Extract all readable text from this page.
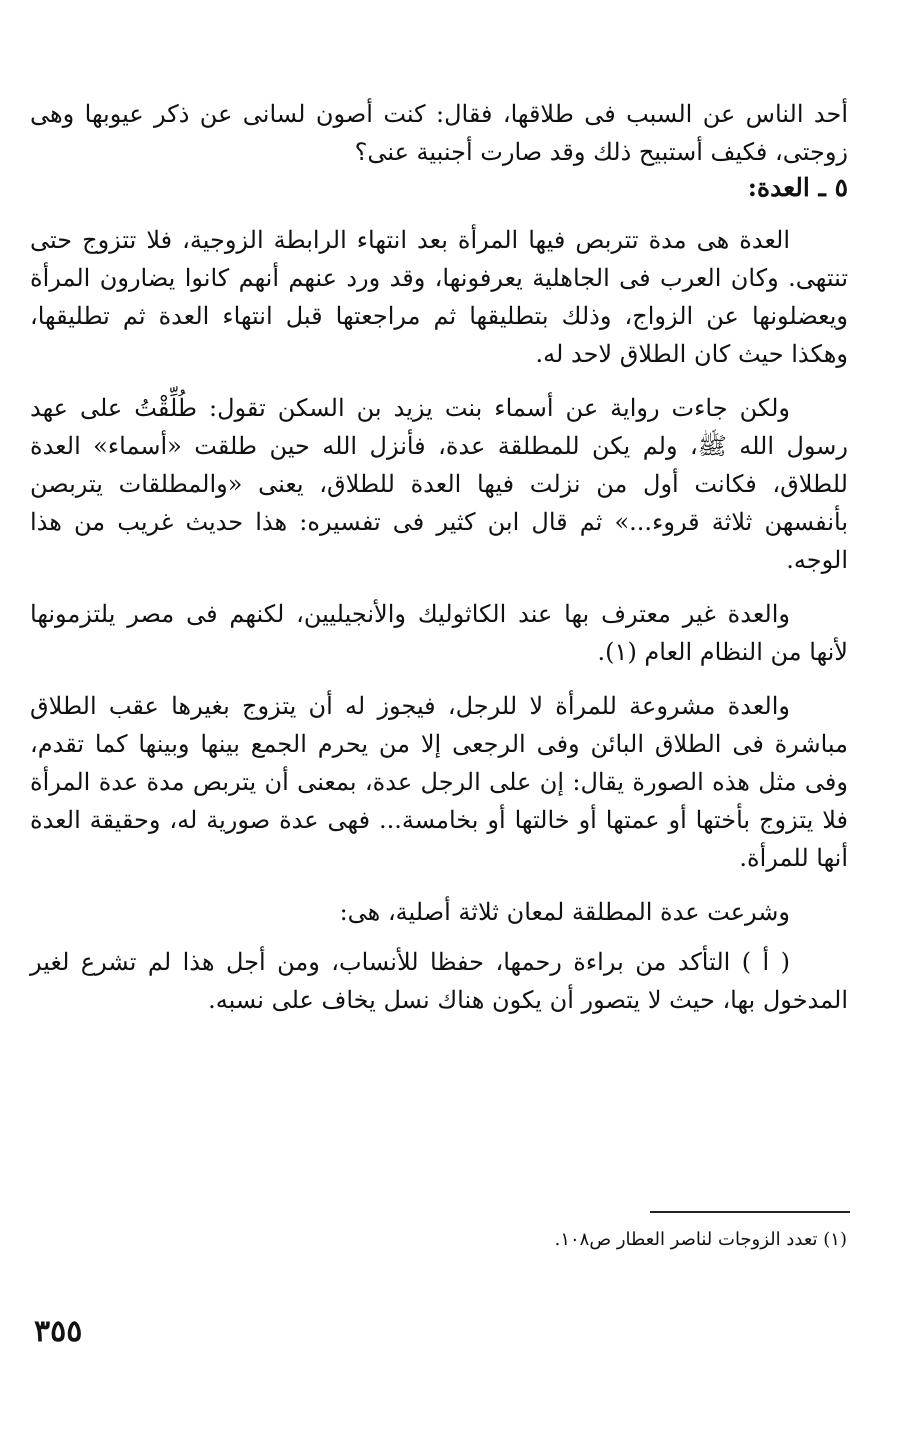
أحد الناس عن السبب فى طلاقها، فقال: كنت أصون لسانى عن ذكر عيوبها وهى زوجتى، فكيف أستبيح ذلك وقد صارت أجنبية عنى؟

٥ ـ العدة:

العدة هى مدة تتربص فيها المرأة بعد انتهاء الرابطة الزوجية، فلا تتزوج حتى تنتهى. وكان العرب فى الجاهلية يعرفونها، وقد ورد عنهم أنهم كانوا يضارون المرأة ويعضلونها عن الزواج، وذلك بتطليقها ثم مراجعتها قبل انتهاء العدة ثم تطليقها، وهكذا حيث كان الطلاق لاحد له.

ولكن جاءت رواية عن أسماء بنت يزيد بن السكن تقول: طُلِّقْتُ على عهد رسول الله ﷺ، ولم يكن للمطلقة عدة، فأنزل الله حين طلقت «أسماء» العدة للطلاق، فكانت أول من نزلت فيها العدة للطلاق، يعنى «والمطلقات يتربصن بأنفسهن ثلاثة قروء...» ثم قال ابن كثير فى تفسيره: هذا حديث غريب من هذا الوجه.

والعدة غير معترف بها عند الكاثوليك والأنجيليين، لكنهم فى مصر يلتزمونها لأنها من النظام العام (١).

والعدة مشروعة للمرأة لا للرجل، فيجوز له أن يتزوج بغيرها عقب الطلاق مباشرة فى الطلاق البائن وفى الرجعى إلا من يحرم الجمع بينها وبينها كما تقدم، وفى مثل هذه الصورة يقال: إن على الرجل عدة، بمعنى أن يتربص مدة عدة المرأة فلا يتزوج بأختها أو عمتها أو خالتها أو بخامسة... فهى عدة صورية له، وحقيقة العدة أنها للمرأة.

وشرعت عدة المطلقة لمعان ثلاثة أصلية، هى:

( أ ) التأكد من براءة رحمها، حفظا للأنساب، ومن أجل هذا لم تشرع لغير المدخول بها، حيث لا يتصور أن يكون هناك نسل يخاف على نسبه.

(١) تعدد الزوجات لناصر العطار ص١٠٨.
٣٥٥
